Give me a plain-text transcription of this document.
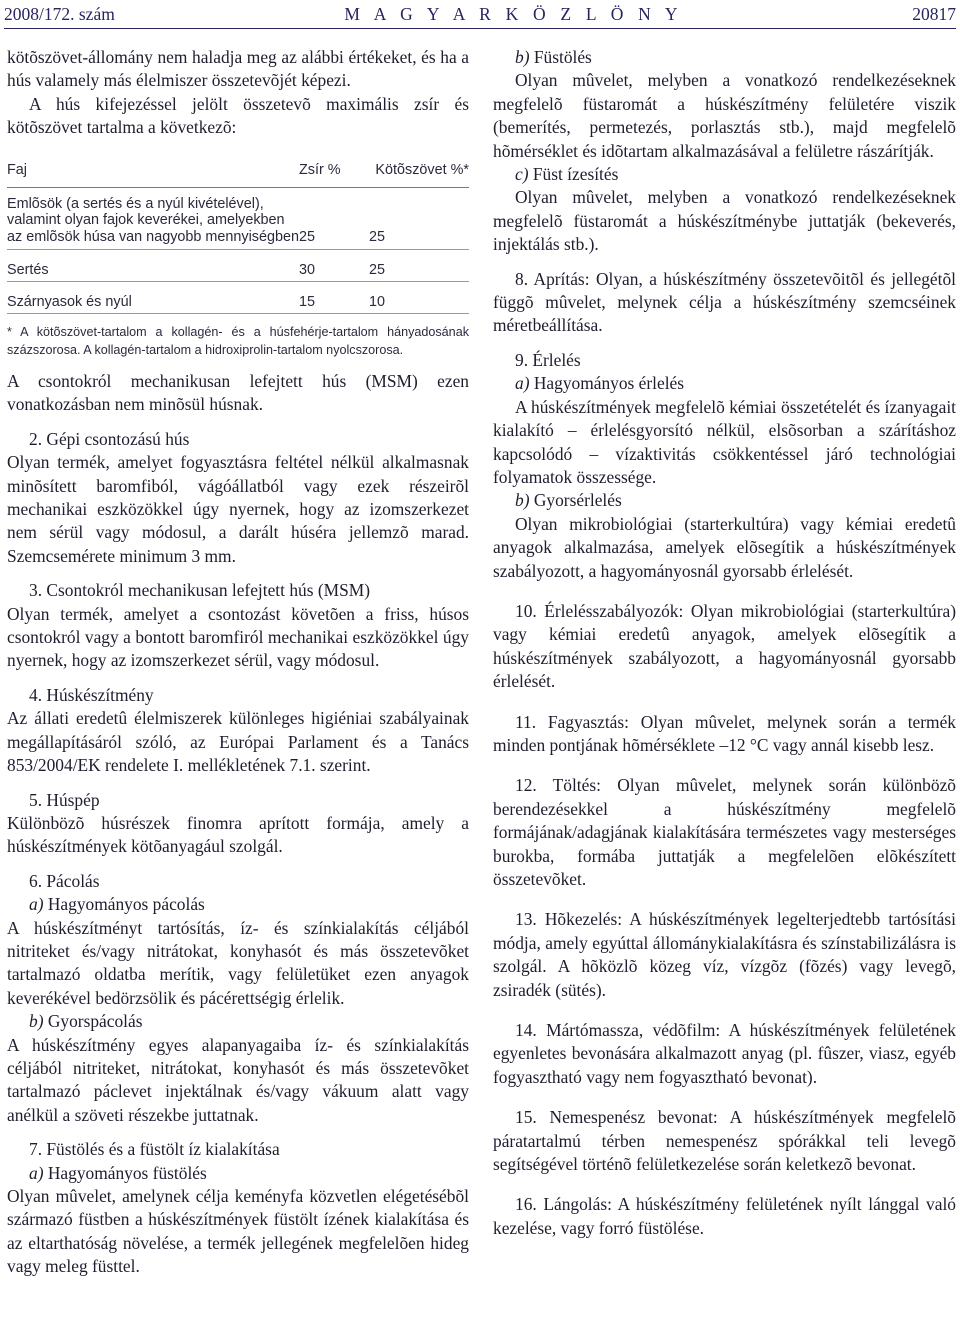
2008/172. szám	M A G Y A R K Ö Z L Ö N Y	20817

kötõszövet-állomány nem haladja meg az alábbi értékeket, és ha a hús valamely más élelmiszer összetevõjét képezi.

A hús kifejezéssel jelölt összetevõ maximális zsír és kötõszövet tartalma a következõ:

Faj	Zsír %	Kötõszövet %*
Emlõsök (a sertés és a nyúl kivételével), valamint olyan fajok keverékei, amelyekben az emlõsök húsa van nagyobb mennyiségben	25	25
Sertés	30	25
Szárnyasok és nyúl	15	10

* A kötõszövet-tartalom a kollagén- és a húsfehérje-tartalom hányadosának százszorosa. A kollagén-tartalom a hidroxiprolin-tartalom nyolcszorosa.

A csontokról mechanikusan lefejtett hús (MSM) ezen vonatkozásban nem minõsül húsnak.

2. Gépi csontozású hús

Olyan termék, amelyet fogyasztásra feltétel nélkül alkalmasnak minõsített baromfiból, vágóállatból vagy ezek részeirõl mechanikai eszközökkel úgy nyernek, hogy az izomszerkezet nem sérül vagy módosul, a darált húséra jellemzõ marad. Szemcsemérete minimum 3 mm.

3. Csontokról mechanikusan lefejtett hús (MSM)

Olyan termék, amelyet a csontozást követõen a friss, húsos csontokról vagy a bontott baromfiról mechanikai eszközökkel úgy nyernek, hogy az izomszerkezet sérül, vagy módosul.

4. Húskészítmény

Az állati eredetû élelmiszerek különleges higiéniai szabályainak megállapításáról szóló, az Európai Parlament és a Tanács 853/2004/EK rendelete I. mellékletének 7.1. szerint.

5. Húspép

Különbözõ húsrészek finomra aprított formája, amely a húskészítmények kötõanyagául szolgál.

6. Pácolás

a) Hagyományos pácolás

A húskészítményt tartósítás, íz- és színkialakítás céljából nitriteket és/vagy nitrátokat, konyhasót és más összetevõket tartalmazó oldatba merítik, vagy felületüket ezen anyagok keverékével bedörzsölik és pácérettségig érlelik.

b) Gyorspácolás

A húskészítmény egyes alapanyagaiba íz- és színkialakítás céljából nitriteket, nitrátokat, konyhasót és más összetevõket tartalmazó páclevet injektálnak és/vagy vákuum alatt vagy anélkül a szöveti részekbe juttatnak.

7. Füstölés és a füstölt íz kialakítása

a) Hagyományos füstölés

Olyan mûvelet, amelynek célja keményfa közvetlen elégetésébõl származó füstben a húskészítmények füstölt ízének kialakítása és az eltarthatóság növelése, a termék jellegének megfelelõen hideg vagy meleg füsttel.

b) Füstölés

Olyan mûvelet, melyben a vonatkozó rendelkezéseknek megfelelõ füstaromát a húskészítmény felületére viszik (bemerítés, permetezés, porlasztás stb.), majd megfelelõ hõmérséklet és idõtartam alkalmazásával a felületre rászárítják.

c) Füst ízesítés

Olyan mûvelet, melyben a vonatkozó rendelkezéseknek megfelelõ füstaromát a húskészítménybe juttatják (bekeverés, injektálás stb.).

8. Aprítás: Olyan, a húskészítmény összetevõitõl és jellegétõl függõ mûvelet, melynek célja a húskészítmény szemcséinek méretbeállítása.

9. Érlelés

a) Hagyományos érlelés

A húskészítmények megfelelõ kémiai összetételét és ízanyagait kialakító – érlelésgyorsító nélkül, elsõsorban a szárításhoz kapcsolódó – vízaktivitás csökkentéssel járó technológiai folyamatok összessége.

b) Gyorsérlelés

Olyan mikrobiológiai (starterkultúra) vagy kémiai eredetû anyagok alkalmazása, amelyek elõsegítik a húskészítmények szabályozott, a hagyományosnál gyorsabb érlelését.

10. Érlelésszabályozók: Olyan mikrobiológiai (starterkultúra) vagy kémiai eredetû anyagok, amelyek elõsegítik a húskészítmények szabályozott, a hagyományosnál gyorsabb érlelését.

11. Fagyasztás: Olyan mûvelet, melynek során a termék minden pontjának hõmérséklete –12 °C vagy annál kisebb lesz.

12. Töltés: Olyan mûvelet, melynek során különbözõ berendezésekkel a húskészítmény megfelelõ formájának/adagjának kialakítására természetes vagy mesterséges burokba, formába juttatják a megfelelõen elõkészített összetevõket.

13. Hõkezelés: A húskészítmények legelterjedtebb tartósítási módja, amely egyúttal állománykialakításra és színstabilizálásra is szolgál. A hõközlõ közeg víz, vízgõz (fõzés) vagy levegõ, zsiradék (sütés).

14. Mártómassza, védõfilm: A húskészítmények felületének egyenletes bevonására alkalmazott anyag (pl. fûszer, viasz, egyéb fogyasztható vagy nem fogyasztható bevonat).

15. Nemespenész bevonat: A húskészítmények megfelelõ páratartalmú térben nemespenész spórákkal teli levegõ segítségével történõ felületkezelése során keletkezõ bevonat.

16. Lángolás: A húskészítmény felületének nyílt lánggal való kezelése, vagy forró füstölése.
